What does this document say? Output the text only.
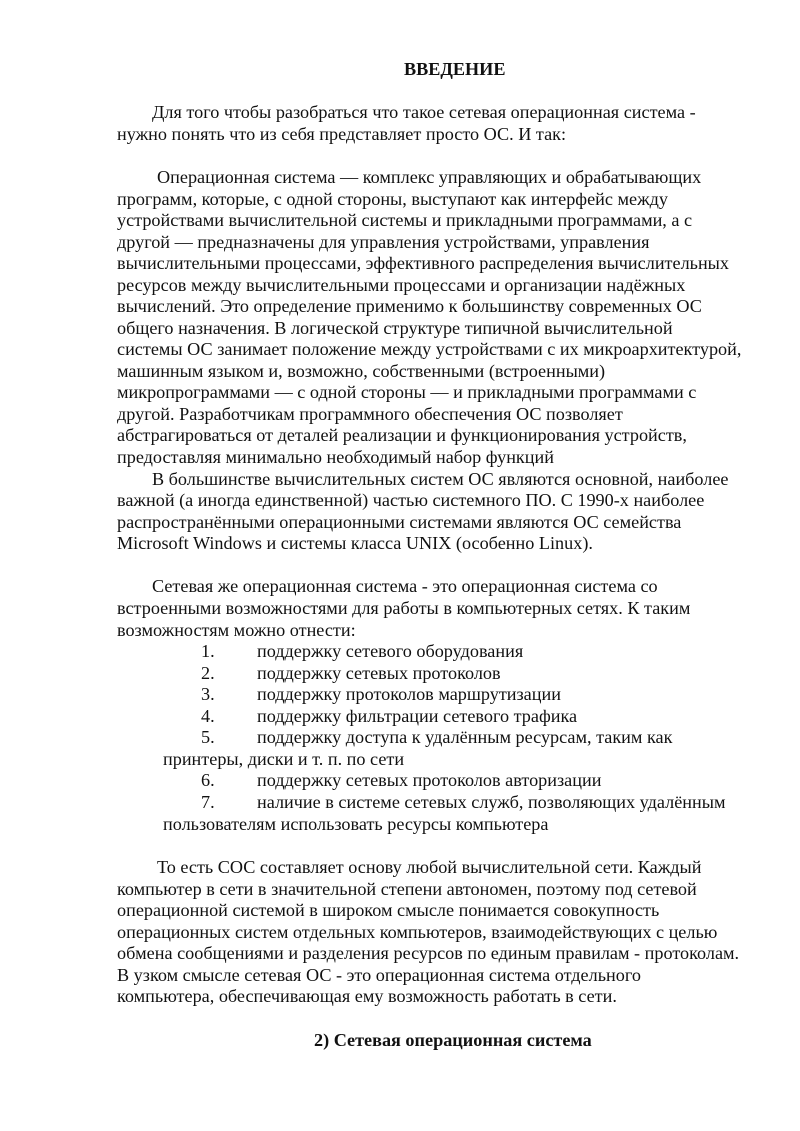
ВВЕДЕНИЕ
Для того чтобы разобраться что такое сетевая операционная система -
нужно понять что из себя представляет просто ОС. И так:
Операционная система — комплекс управляющих и обрабатывающих
программ, которые, с одной стороны, выступают как интерфейс между
устройствами вычислительной системы и прикладными программами, а с
другой — предназначены для управления устройствами, управления
вычислительными процессами, эффективного распределения вычислительных
ресурсов между вычислительными процессами и организации надёжных
вычислений. Это определение применимо к большинству современных ОС
общего назначения. В логической структуре типичной вычислительной
системы ОС занимает положение между устройствами с их микроархитектурой,
машинным языком и, возможно, собственными (встроенными)
микропрограммами — с одной стороны — и прикладными программами с
другой. Разработчикам программного обеспечения ОС позволяет
абстрагироваться от деталей реализации и функционирования устройств,
предоставляя минимально необходимый набор функций
В большинстве вычислительных систем ОС являются основной, наиболее
важной (а иногда единственной) частью системного ПО. С 1990-х наиболее
распространёнными операционными системами являются ОС семейства
Microsoft Windows и системы класса UNIX (особенно Linux).
Сетевая же операционная система - это операционная система со
встроенными возможностями для работы в компьютерных сетях. К таким
возможностям можно отнести:
1. поддержку сетевого оборудования
2. поддержку сетевых протоколов
3. поддержку протоколов маршрутизации
4. поддержку фильтрации сетевого трафика
5. поддержку доступа к удалённым ресурсам, таким как
принтеры, диски и т. п. по сети
6. поддержку сетевых протоколов авторизации
7. наличие в системе сетевых служб, позволяющих удалённым
пользователям использовать ресурсы компьютера
То есть СОС составляет основу любой вычислительной сети. Каждый
компьютер в сети в значительной степени автономен, поэтому под сетевой
операционной системой в широком смысле понимается совокупность
операционных систем отдельных компьютеров, взаимодействующих с целью
обмена сообщениями и разделения ресурсов по единым правилам - протоколам.
В узком смысле сетевая ОС - это операционная система отдельного
компьютера, обеспечивающая ему возможность работать в сети.
2) Сетевая операционная система
